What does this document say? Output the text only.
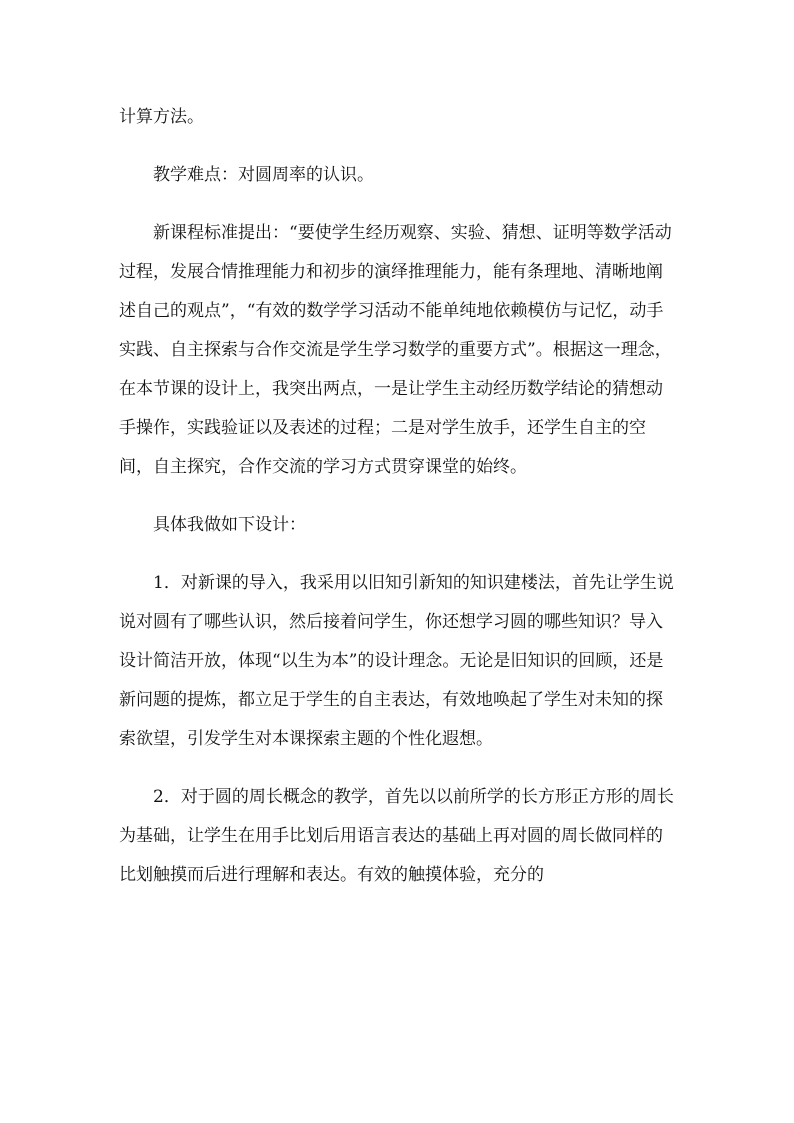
计算方法。

教学难点：对圆周率的认识。

新课程标准提出：“要使学生经历观察、实验、猜想、证明等数学活动过程，发展合情推理能力和初步的演绎推理能力，能有条理地、清晰地阐述自己的观点”，“有效的数学学习活动不能单纯地依赖模仿与记忆，动手实践、自主探索与合作交流是学生学习数学的重要方式”。根据这一理念，在本节课的设计上，我突出两点，一是让学生主动经历数学结论的猜想动手操作，实践验证以及表述的过程；二是对学生放手，还学生自主的空间，自主探究，合作交流的学习方式贯穿课堂的始终。

具体我做如下设计：

1．对新课的导入，我采用以旧知引新知的知识建楼法，首先让学生说说对圆有了哪些认识，然后接着问学生，你还想学习圆的哪些知识？导入设计简洁开放，体现“以生为本”的设计理念。无论是旧知识的回顾，还是新问题的提炼，都立足于学生的自主表达，有效地唤起了学生对未知的探索欲望，引发学生对本课探索主题的个性化遐想。

2．对于圆的周长概念的教学，首先以以前所学的长方形正方形的周长为基础，让学生在用手比划后用语言表达的基础上再对圆的周长做同样的比划触摸而后进行理解和表达。有效的触摸体验，充分的
